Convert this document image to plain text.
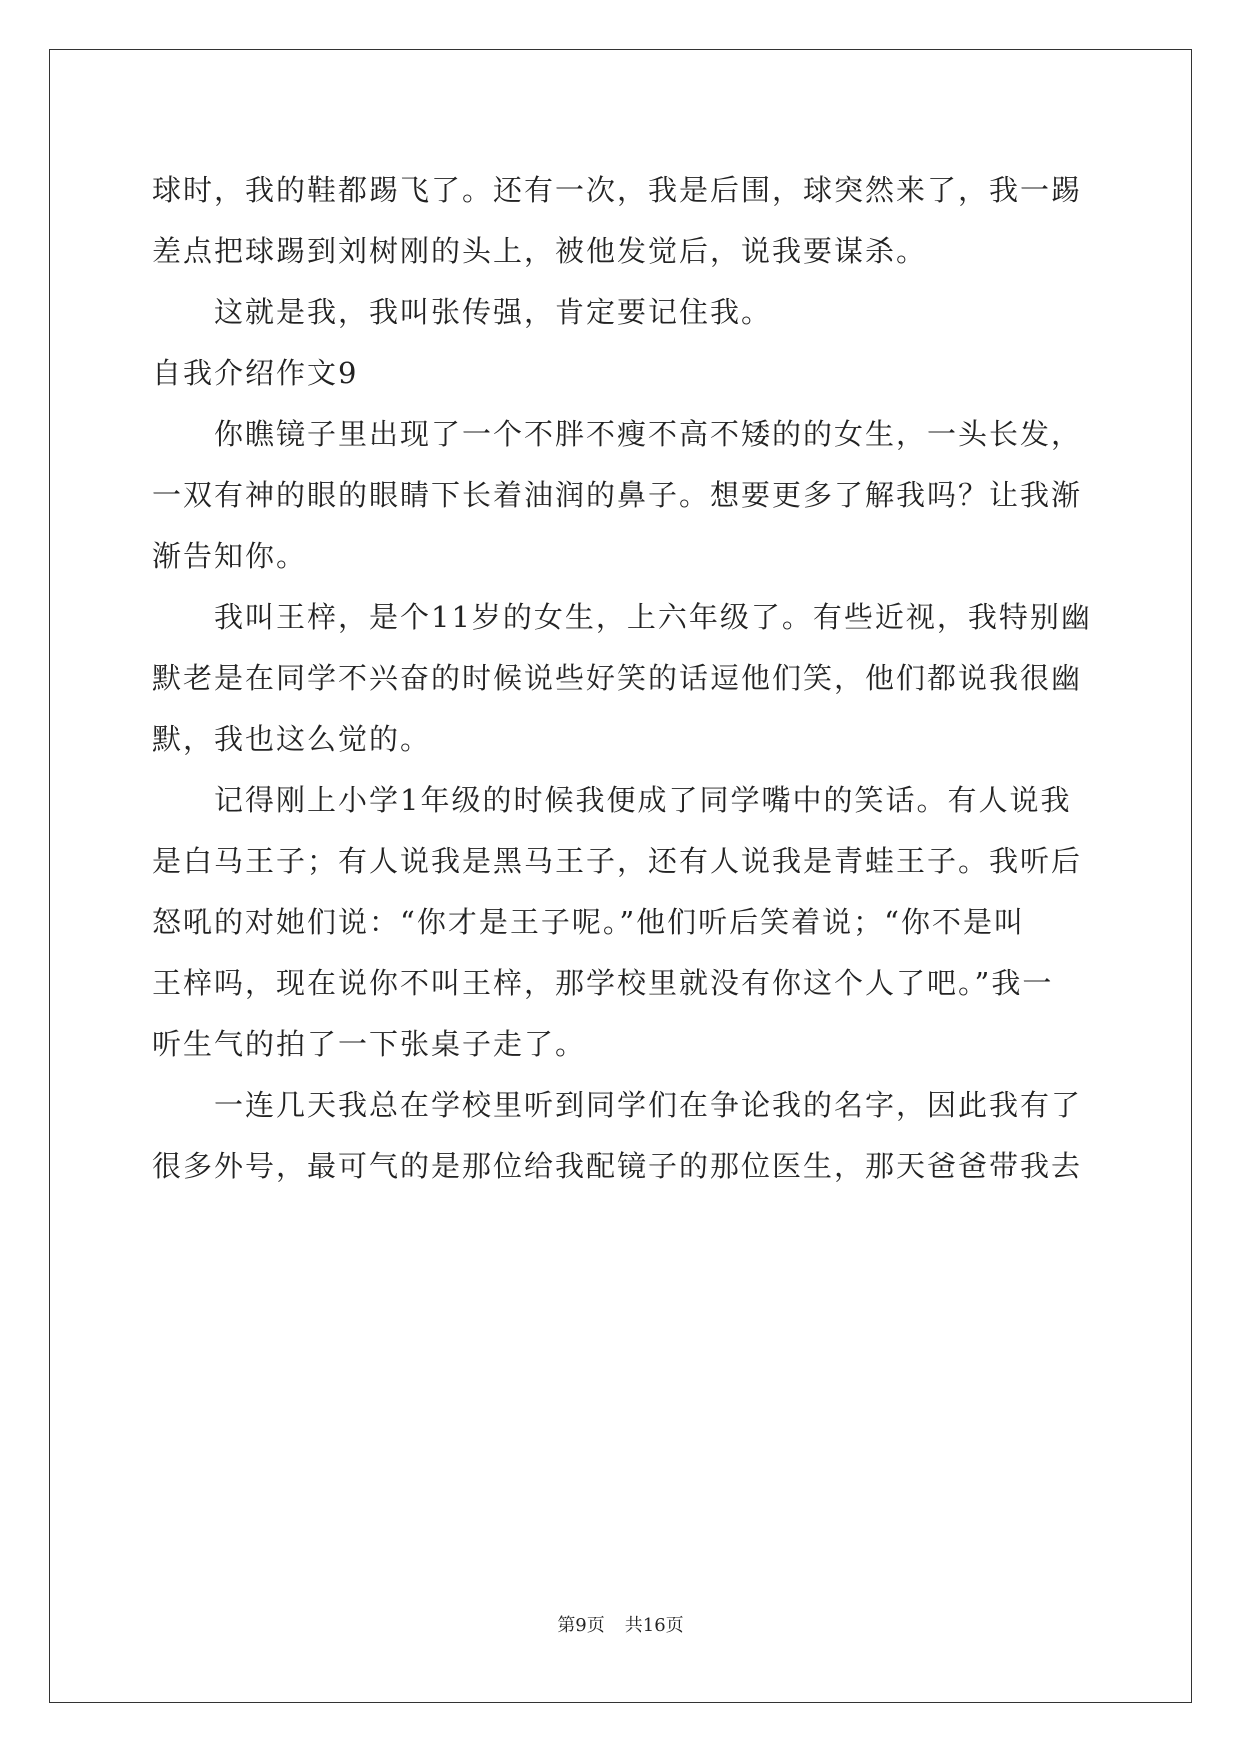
球时，我的鞋都踢飞了。还有一次，我是后围，球突然来了，我一踢
差点把球踢到刘树刚的头上，被他发觉后，说我要谋杀。
　　这就是我，我叫张传强，肯定要记住我。
自我介绍作文9
　　你瞧镜子里出现了一个不胖不瘦不高不矮的的女生，一头长发，
一双有神的眼的眼睛下长着油润的鼻子。想要更多了解我吗？让我渐
渐告知你。
　　我叫王梓，是个11岁的女生，上六年级了。有些近视，我特别幽
默老是在同学不兴奋的时候说些好笑的话逗他们笑，他们都说我很幽
默，我也这么觉的。
　　记得刚上小学1年级的时候我便成了同学嘴中的笑话。有人说我
是白马王子；有人说我是黑马王子，还有人说我是青蛙王子。我听后
怒吼的对她们说：“你才是王子呢。”他们听后笑着说；“你不是叫
王梓吗，现在说你不叫王梓，那学校里就没有你这个人了吧。”我一
听生气的拍了一下张桌子走了。
　　一连几天我总在学校里听到同学们在争论我的名字，因此我有了
很多外号，最可气的是那位给我配镜子的那位医生，那天爸爸带我去
第9页 共16页
